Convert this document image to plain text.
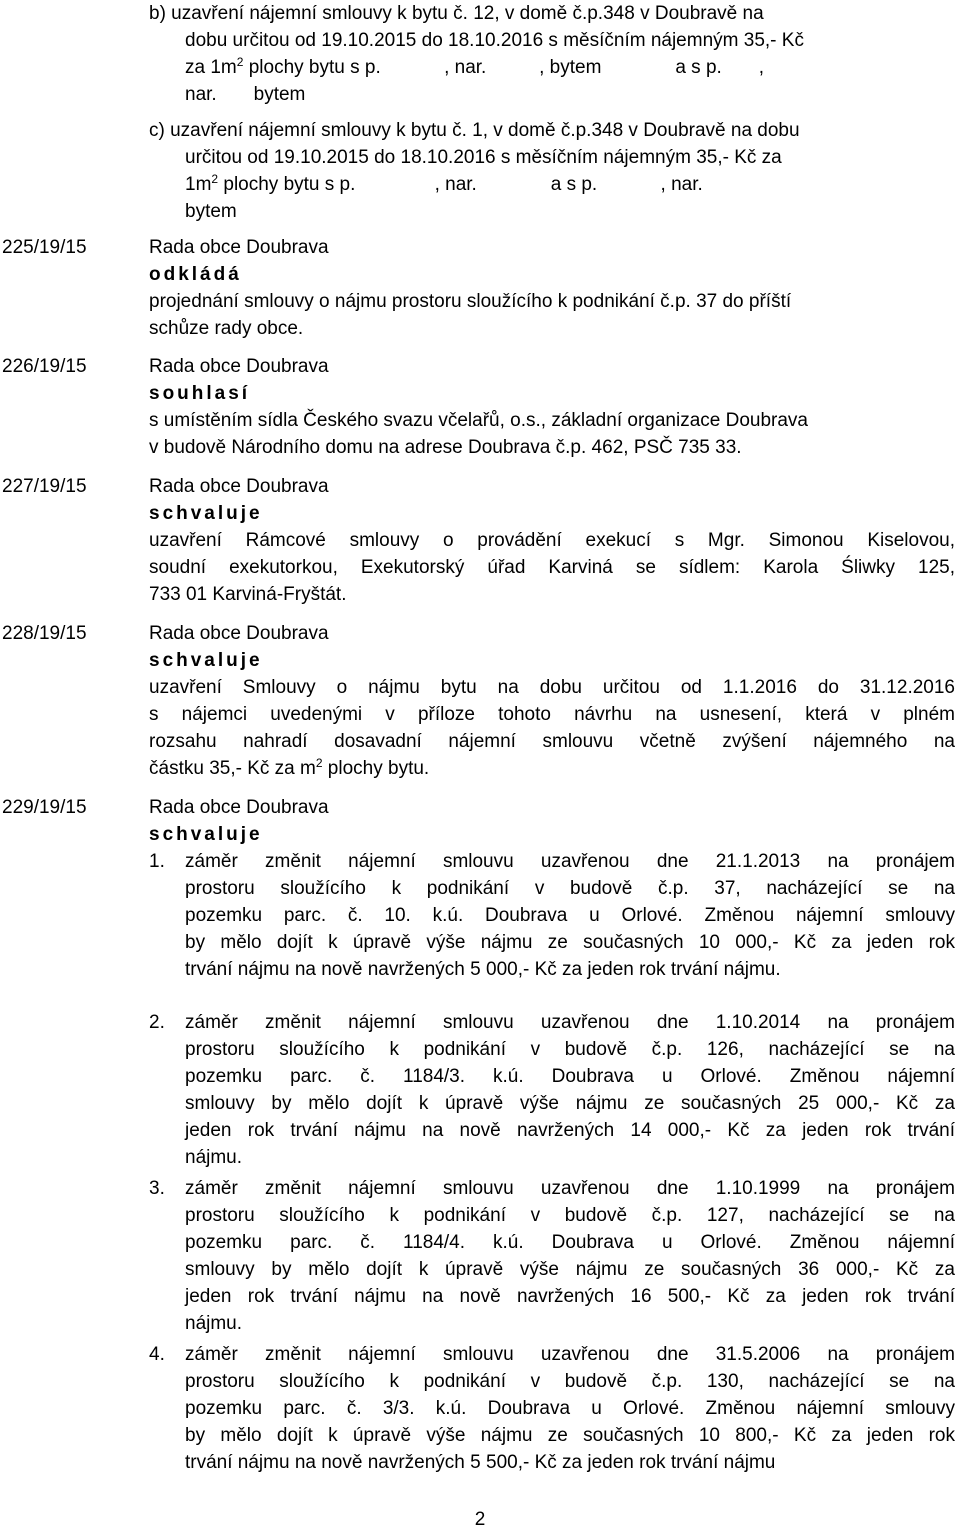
b) uzavření nájemní smlouvy k bytu č. 12, v domě č.p.348 v Doubravě na
dobu určitou od 19.10.2015 do 18.10.2016 s měsíčním nájemným 35,- Kč
za $1m^2$ plochy bytu s p.            , nar.          , bytem              a s p.       ,
nar.       bytem
c) uzavření nájemní smlouvy k bytu č. 1, v domě č.p.348 v Doubravě na dobu
určitou od 19.10.2015 do 18.10.2016 s měsíčním nájemným 35,- Kč za
$1m^2$ plochy bytu s p.               , nar.              a s p.            , nar.
bytem
225/19/15	Rada obce Doubrava
odkládá
projednání smlouvy o nájmu prostoru sloužícího k podnikání č.p. 37 do příští
schůze rady obce.
226/19/15	Rada obce Doubrava
souhlasí
s umístěním sídla Českého svazu včelařů, o.s., základní organizace Doubrava
v budově Národního domu na adrese Doubrava č.p. 462, PSČ 735 33.
227/19/15	Rada obce Doubrava
schvaluje
uzavření Rámcové smlouvy o provádění exekucí s Mgr. Simonou Kiselovou,
soudní exekutorkou, Exekutorský úřad Karviná se sídlem: Karola Śliwky 125,
733 01 Karviná-Fryštát.
228/19/15	Rada obce Doubrava
schvaluje
uzavření Smlouvy o nájmu bytu na dobu určitou od 1.1.2016 do 31.12.2016
s nájemci uvedenými v příloze tohoto návrhu na usnesení, která v plném
rozsahu nahradí dosavadní nájemní smlouvu včetně zvýšení nájemného na
částku 35,- Kč za $m^2$ plochy bytu.
229/19/15	Rada obce Doubrava
schvaluje
1. záměr změnit nájemní smlouvu uzavřenou dne 21.1.2013 na pronájem
prostoru sloužícího k podnikání v budově č.p. 37, nacházející se na
pozemku parc. č. 10. k.ú. Doubrava u Orlové. Změnou nájemní smlouvy
by mělo dojít k úpravě výše nájmu ze současných 10 000,- Kč za jeden rok
trvání nájmu na nově navržených 5 000,- Kč za jeden rok trvání nájmu.
2. záměr změnit nájemní smlouvu uzavřenou dne 1.10.2014 na pronájem
prostoru sloužícího k podnikání v budově č.p. 126, nacházející se na
pozemku parc. č. 1184/3. k.ú. Doubrava u Orlové. Změnou nájemní
smlouvy by mělo dojít k úpravě výše nájmu ze současných 25 000,- Kč za
jeden rok trvání nájmu na nově navržených 14 000,- Kč za jeden rok trvání
nájmu.
3. záměr změnit nájemní smlouvu uzavřenou dne 1.10.1999 na pronájem
prostoru sloužícího k podnikání v budově č.p. 127, nacházející se na
pozemku parc. č. 1184/4. k.ú. Doubrava u Orlové. Změnou nájemní
smlouvy by mělo dojít k úpravě výše nájmu ze současných 36 000,- Kč za
jeden rok trvání nájmu na nově navržených 16 500,- Kč za jeden rok trvání
nájmu.
4. záměr změnit nájemní smlouvu uzavřenou dne 31.5.2006 na pronájem
prostoru sloužícího k podnikání v budově č.p. 130, nacházející se na
pozemku parc. č. 3/3. k.ú. Doubrava u Orlové. Změnou nájemní smlouvy
by mělo dojít k úpravě výše nájmu ze současných 10 800,- Kč za jeden rok
trvání nájmu na nově navržených 5 500,- Kč za jeden rok trvání nájmu
2
